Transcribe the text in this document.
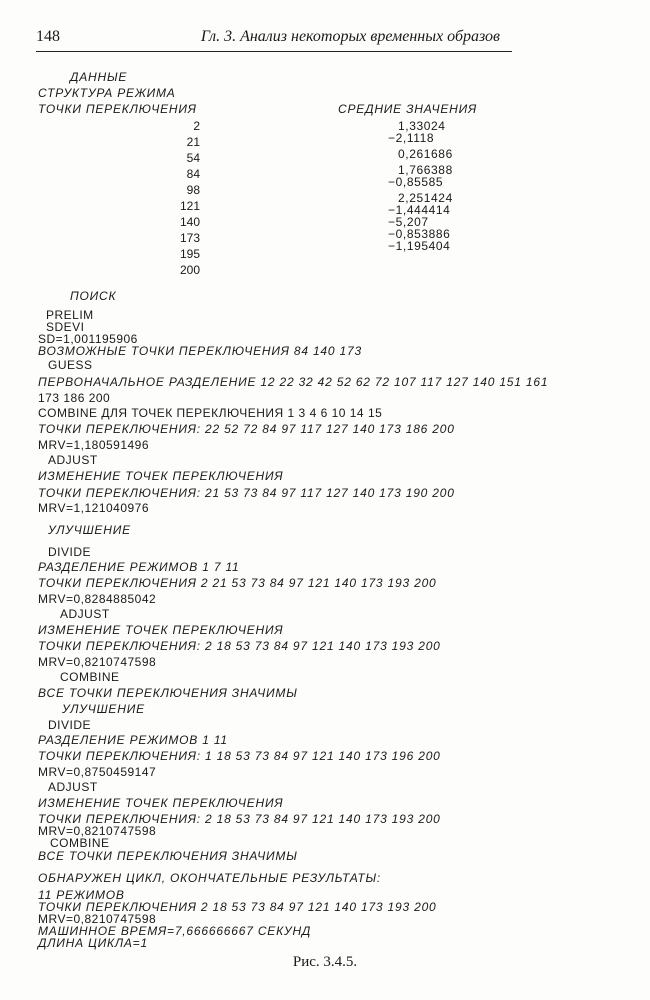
148	Гл. 3. Анализ некоторых временных образов
ДАННЫЕ
СТРУКТУРА РЕЖИМА
ТОЧКИ ПЕРЕКЛЮЧЕНИЯ	СРЕДНИЕ ЗНАЧЕНИЯ
2
21
54
84
98
121
140
173
195
200
1,33024
−2,1118
0,261686
1,766388
−0,85585
2,251424
−1,444414
−5,207
−0,853886
−1,195404
ПОИСК
PRELIM
SDEVI
SD=1,001195906
ВОЗМОЖНЫЕ ТОЧКИ ПЕРЕКЛЮЧЕНИЯ 84 140 173
GUESS
ПЕРВОНАЧАЛЬНОЕ РАЗДЕЛЕНИЕ 12 22 32 42 52 62 72 107 117 127 140 151 161
173 186 200
COMBINE ДЛЯ ТОЧЕК ПЕРЕКЛЮЧЕНИЯ 1 3 4 6 10 14 15
ТОЧКИ ПЕРЕКЛЮЧЕНИЯ: 22 52 72 84 97 117 127 140 173 186 200
MRV=1,180591496
ADJUST
ИЗМЕНЕНИЕ ТОЧЕК ПЕРЕКЛЮЧЕНИЯ
ТОЧКИ ПЕРЕКЛЮЧЕНИЯ: 21 53 73 84 97 117 127 140 173 190 200
MRV=1,121040976
УЛУЧШЕНИЕ
DIVIDE
РАЗДЕЛЕНИЕ РЕЖИМОВ 1 7 11
ТОЧКИ ПЕРЕКЛЮЧЕНИЯ 2 21 53 73 84 97 121 140 173 193 200
MRV=0,8284885042
ADJUST
ИЗМЕНЕНИЕ ТОЧЕК ПЕРЕКЛЮЧЕНИЯ
ТОЧКИ ПЕРЕКЛЮЧЕНИЯ: 2 18 53 73 84 97 121 140 173 193 200
MRV=0,8210747598
COMBINE
ВСЕ ТОЧКИ ПЕРЕКЛЮЧЕНИЯ ЗНАЧИМЫ
УЛУЧШЕНИЕ
DIVIDE
РАЗДЕЛЕНИЕ РЕЖИМОВ 1 11
ТОЧКИ ПЕРЕКЛЮЧЕНИЯ: 1 18 53 73 84 97 121 140 173 196 200
MRV=0,8750459147
ADJUST
ИЗМЕНЕНИЕ ТОЧЕК ПЕРЕКЛЮЧЕНИЯ
ТОЧКИ ПЕРЕКЛЮЧЕНИЯ: 2 18 53 73 84 97 121 140 173 193 200
MRV=0,8210747598
COMBINE
ВСЕ ТОЧКИ ПЕРЕКЛЮЧЕНИЯ ЗНАЧИМЫ
ОБНАРУЖЕН ЦИКЛ, ОКОНЧАТЕЛЬНЫЕ РЕЗУЛЬТАТЫ:
11 РЕЖИМОВ
ТОЧКИ ПЕРЕКЛЮЧЕНИЯ 2 18 53 73 84 97 121 140 173 193 200
MRV=0,8210747598
МАШИННОЕ ВРЕМЯ=7,666666667 СЕКУНД
ДЛИНА ЦИКЛА=1
Рис. 3.4.5.
